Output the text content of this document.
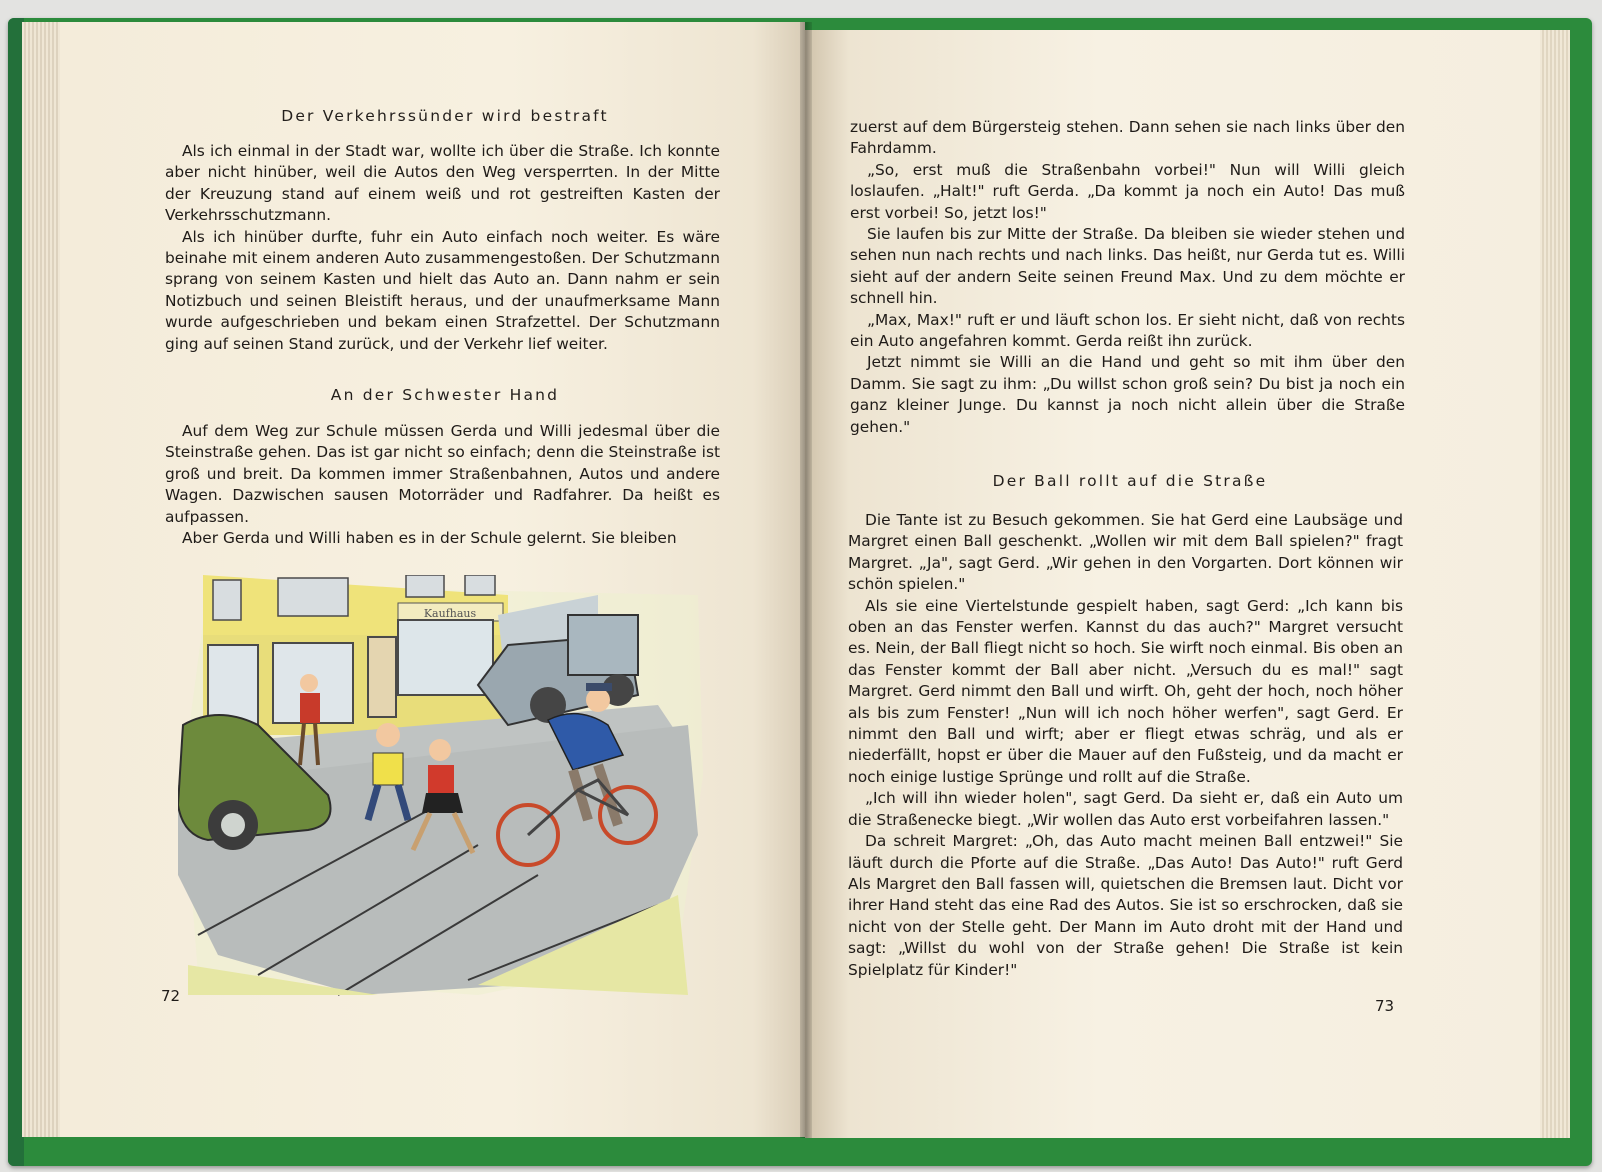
Der Verkehrssünder wird bestraft

Als ich einmal in der Stadt war, wollte ich über die Straße. Ich konnte aber nicht hinüber, weil die Autos den Weg versperrten. In der Mitte der Kreuzung stand auf einem weiß und rot gestreiften Kasten der Verkehrsschutzmann.

Als ich hinüber durfte, fuhr ein Auto einfach noch weiter. Es wäre beinahe mit einem anderen Auto zusammengestoßen. Der Schutzmann sprang von seinem Kasten und hielt das Auto an. Dann nahm er sein Notizbuch und seinen Bleistift heraus, und der unaufmerksame Mann wurde aufgeschrieben und bekam einen Strafzettel. Der Schutzmann ging auf seinen Stand zurück, und der Verkehr lief weiter.

An der Schwester Hand

Auf dem Weg zur Schule müssen Gerda und Willi jedesmal über die Steinstraße gehen. Das ist gar nicht so einfach; denn die Steinstraße ist groß und breit. Da kommen immer Straßenbahnen, Autos und andere Wagen. Dazwischen sausen Motorräder und Radfahrer. Da heißt es aufpassen.

Aber Gerda und Willi haben es in der Schule gelernt. Sie bleiben

Kaufhaus
72

zuerst auf dem Bürgersteig stehen. Dann sehen sie nach links über den Fahrdamm.

„So, erst muß die Straßenbahn vorbei!" Nun will Willi gleich loslaufen. „Halt!" ruft Gerda. „Da kommt ja noch ein Auto! Das muß erst vorbei! So, jetzt los!"

Sie laufen bis zur Mitte der Straße. Da bleiben sie wieder stehen und sehen nun nach rechts und nach links. Das heißt, nur Gerda tut es. Willi sieht auf der andern Seite seinen Freund Max. Und zu dem möchte er schnell hin.

„Max, Max!" ruft er und läuft schon los. Er sieht nicht, daß von rechts ein Auto angefahren kommt. Gerda reißt ihn zurück.

Jetzt nimmt sie Willi an die Hand und geht so mit ihm über den Damm. Sie sagt zu ihm: „Du willst schon groß sein? Du bist ja noch ein ganz kleiner Junge. Du kannst ja noch nicht allein über die Straße gehen."

Der Ball rollt auf die Straße

Die Tante ist zu Besuch gekommen. Sie hat Gerd eine Laubsäge und Margret einen Ball geschenkt. „Wollen wir mit dem Ball spielen?" fragt Margret. „Ja", sagt Gerd. „Wir gehen in den Vorgarten. Dort können wir schön spielen."

Als sie eine Viertelstunde gespielt haben, sagt Gerd: „Ich kann bis oben an das Fenster werfen. Kannst du das auch?" Margret versucht es. Nein, der Ball fliegt nicht so hoch. Sie wirft noch einmal. Bis oben an das Fenster kommt der Ball aber nicht. „Versuch du es mal!" sagt Margret. Gerd nimmt den Ball und wirft. Oh, geht der hoch, noch höher als bis zum Fenster! „Nun will ich noch höher werfen", sagt Gerd. Er nimmt den Ball und wirft; aber er fliegt etwas schräg, und als er niederfällt, hopst er über die Mauer auf den Fußsteig, und da macht er noch einige lustige Sprünge und rollt auf die Straße.

„Ich will ihn wieder holen", sagt Gerd. Da sieht er, daß ein Auto um die Straßenecke biegt. „Wir wollen das Auto erst vorbeifahren lassen."

Da schreit Margret: „Oh, das Auto macht meinen Ball entzwei!" Sie läuft durch die Pforte auf die Straße. „Das Auto! Das Auto!" ruft Gerd Als Margret den Ball fassen will, quietschen die Bremsen laut. Dicht vor ihrer Hand steht das eine Rad des Autos. Sie ist so erschrocken, daß sie nicht von der Stelle geht. Der Mann im Auto droht mit der Hand und sagt: „Willst du wohl von der Straße gehen! Die Straße ist kein Spielplatz für Kinder!"

73
